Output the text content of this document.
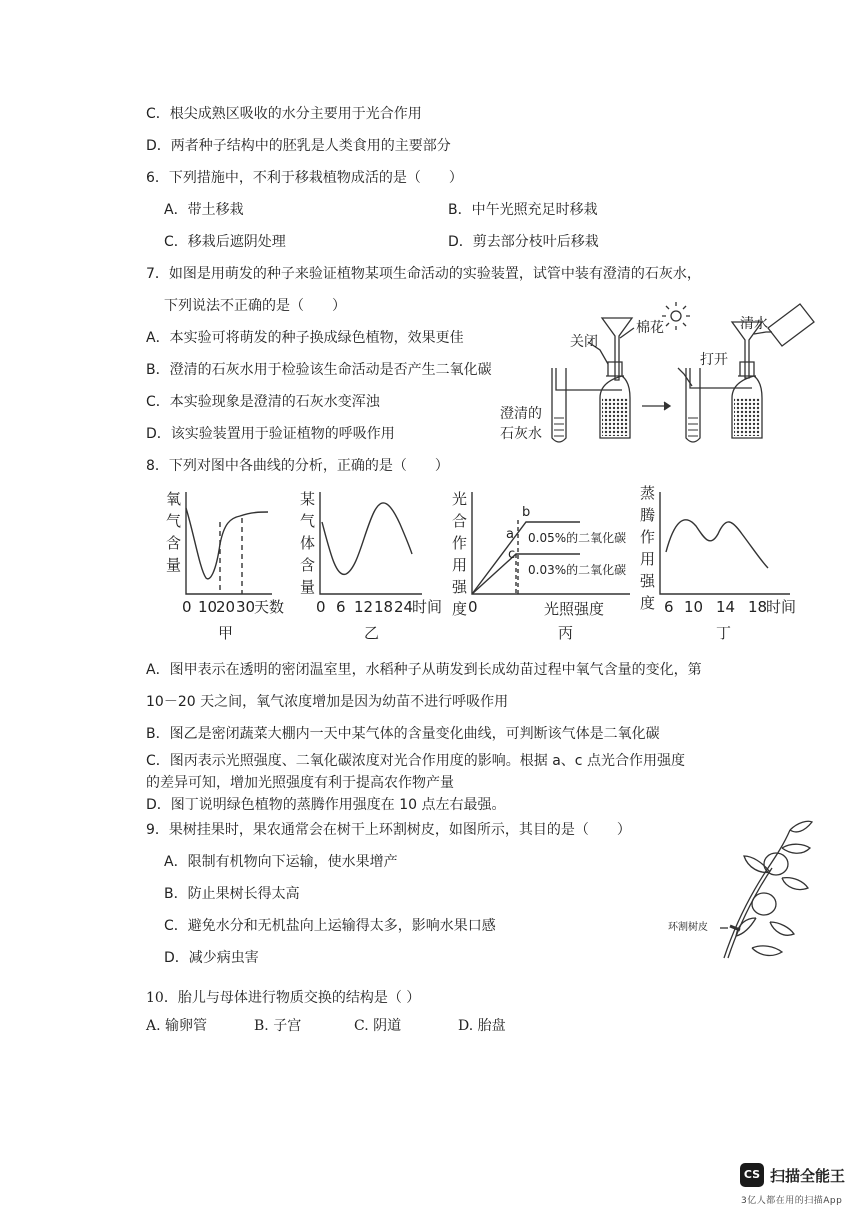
C．根尖成熟区吸收的水分主要用于光合作用
D．两者种子结构中的胚乳是人类食用的主要部分
6．下列措施中，不利于移栽植物成活的是（　　）
A．带土移栽	B．中午光照充足时移栽
C．移栽后遮阴处理	D．剪去部分枝叶后移栽
7．如图是用萌发的种子来验证植物某项生命活动的实验装置，试管中装有澄清的石灰水，
下列说法不正确的是（　　）
A．本实验可将萌发的种子换成绿色植物，效果更佳
B．澄清的石灰水用于检验该生命活动是否产生二氧化碳
C．本实验现象是澄清的石灰水变浑浊
D．该实验装置用于验证植物的呼吸作用
8．下列对图中各曲线的分析，正确的是（　　）
A．图甲表示在透明的密闭温室里，水稻种子从萌发到长成幼苗过程中氧气含量的变化，第
10－20 天之间，氧气浓度增加是因为幼苗不进行呼吸作用
B．图乙是密闭蔬菜大棚内一天中某气体的含量变化曲线，可判断该气体是二氧化碳
C．图丙表示光照强度、二氧化碳浓度对光合作用度的影响。根据 a、c 点光合作用强度
的差异可知，增加光照强度有利于提高农作物产量
D．图丁说明绿色植物的蒸腾作用强度在 10 点左右最强。
9．果树挂果时，果农通常会在树干上环割树皮，如图所示，其目的是（　　）
A．限制有机物向下运输，使水果增产
B．防止果树长得太高
C．避免水分和无机盐向上运输得太多，影响水果口感
D．减少病虫害
10．胎儿与母体进行物质交换的结构是（ ）
A. 输卵管	B. 子宫	C. 阴道	D. 胎盘
关闭
棉花
打开
清水
澄清的
石灰水
氧
气
含
量
0 10
20 30
天数
甲
某
气
体
含
量
0 6 12 18 24
时间
乙
光
合
作
用
强
度 0	光照强度
丙
a
b
c
0.05%的二氧化碳
0.03%的二氧化碳
蒸
腾
作
用
强
度 6 10 14 18
时间
丁
环割树皮
CS 扫描全能王
3亿人都在用的扫描App
